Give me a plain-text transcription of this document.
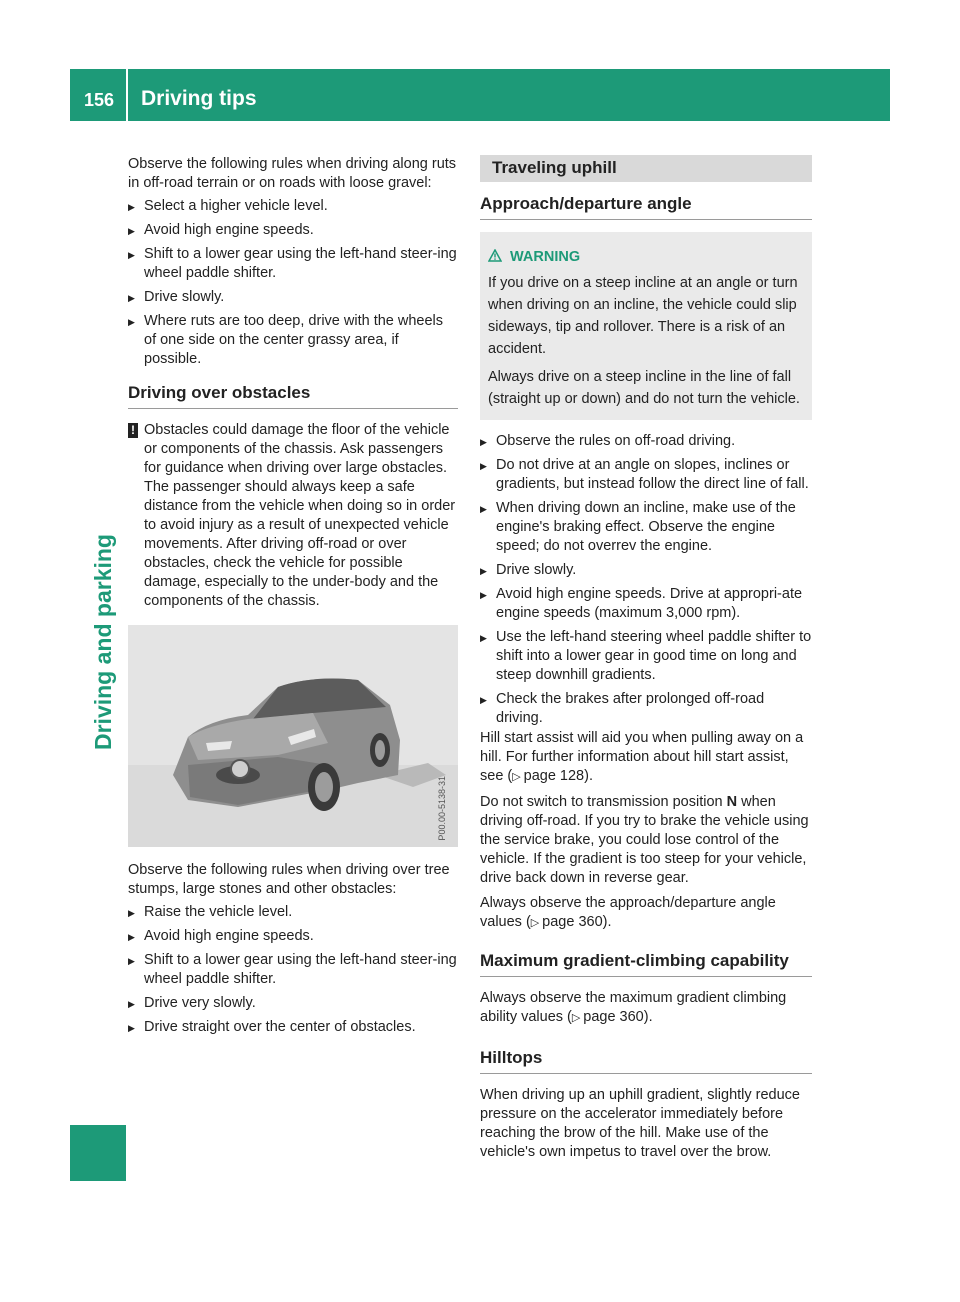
156 Driving tips
Driving and parking

Observe the following rules when driving along ruts in off-road terrain or on roads with loose gravel:

▶ Select a higher vehicle level.
▶ Avoid high engine speeds.
▶ Shift to a lower gear using the left-hand steer-ing wheel paddle shifter.
▶ Drive slowly.
▶ Where ruts are too deep, drive with the wheels of one side on the center grassy area, if possible.
Driving over obstacles
! Obstacles could damage the floor of the vehicle or components of the chassis. Ask passengers for guidance when driving over large obstacles. The passenger should always keep a safe distance from the vehicle when doing so in order to avoid injury as a result of unexpected vehicle movements. After driving off-road or over obstacles, check the vehicle for possible damage, especially to the under-body and the components of the chassis.
P00.00-5138-31

Observe the following rules when driving over tree stumps, large stones and other obstacles:

▶ Raise the vehicle level.
▶ Avoid high engine speeds.
▶ Shift to a lower gear using the left-hand steer-ing wheel paddle shifter.
▶ Drive very slowly.
▶ Drive straight over the center of obstacles.
Traveling uphill
Approach/departure angle
WARNING

If you drive on a steep incline at an angle or turn when driving on an incline, the vehicle could slip sideways, tip and rollover. There is a risk of an accident.

Always drive on a steep incline in the line of fall (straight up or down) and do not turn the vehicle.

▶ Observe the rules on off-road driving.
▶ Do not drive at an angle on slopes, inclines or gradients, but instead follow the direct line of fall.
▶ When driving down an incline, make use of the engine's braking effect. Observe the engine speed; do not overrev the engine.
▶ Drive slowly.
▶ Avoid high engine speeds. Drive at appropri-ate engine speeds (maximum 3,000 rpm).
▶ Use the left-hand steering wheel paddle shifter to shift into a lower gear in good time on long and steep downhill gradients.
▶ Check the brakes after prolonged off-road driving.

Hill start assist will aid you when pulling away on a hill. For further information about hill start assist, see (▷  page 128).

Do not switch to transmission position N when driving off-road. If you try to brake the vehicle using the service brake, you could lose control of the vehicle. If the gradient is too steep for your vehicle, drive back down in reverse gear.

Always observe the approach/departure angle values (▷  page 360).

Maximum gradient-climbing capability

Always observe the maximum gradient climbing ability values (▷  page 360).

Hilltops

When driving up an uphill gradient, slightly reduce pressure on the accelerator immediately before reaching the brow of the hill. Make use of the vehicle's own impetus to travel over the brow.
